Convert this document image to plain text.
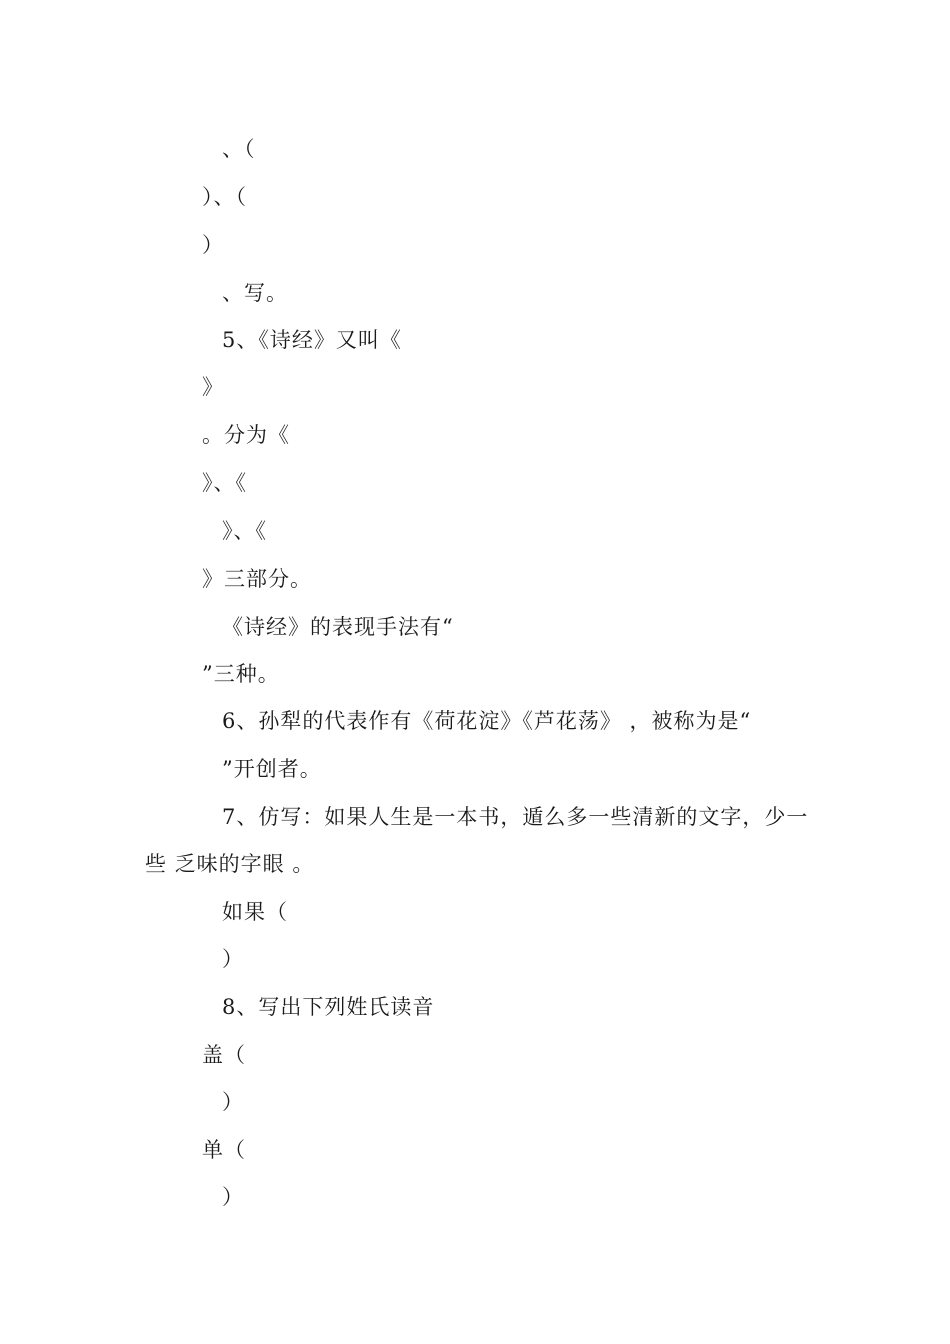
、（
）、（
）
、写。
5、《诗经》又叫《
》
。分为《
》、《
》、《
》三部分。
《诗经》的表现手法有“
”三种。
6、孙犁的代表作有《荷花淀》《芦花荡》 ，被称为是“
”开创者。
7、仿写：如果人生是一本书，遁么多一些清新的文字，少一
些 乏味的字眼 。
如果（
）
8、写出下列姓氏读音
盖（
）
单（
）
